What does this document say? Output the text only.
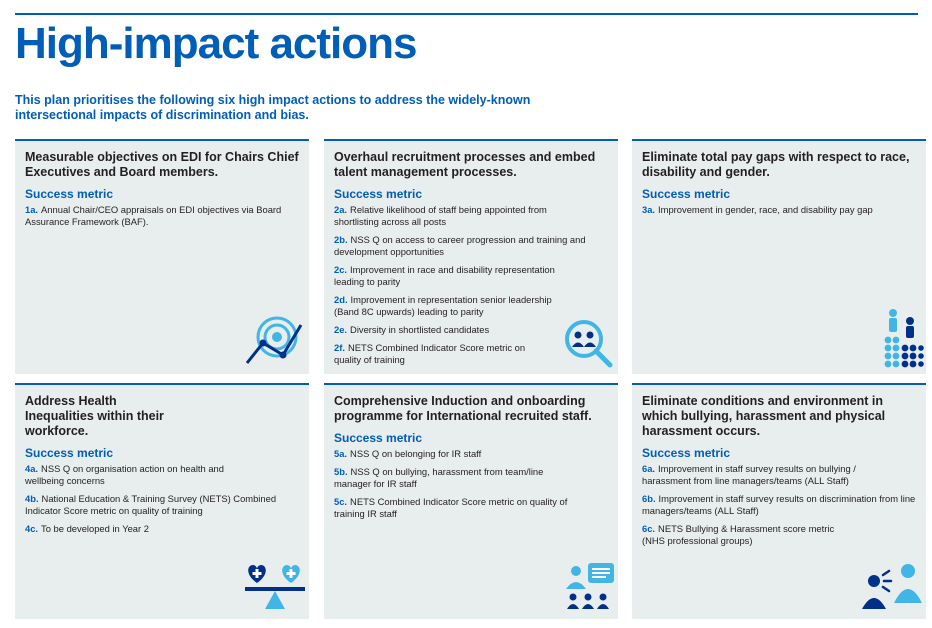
High-impact actions

This plan prioritises the following six high impact actions to address the widely-known intersectional impacts of discrimination and bias.

Measurable objectives on EDI for Chairs Chief Executives and Board members.

Success metric

1a. Annual Chair/CEO appraisals on EDI objectives via Board Assurance Framework (BAF).

Overhaul recruitment processes and embed talent management processes.

Success metric

2a. Relative likelihood of staff being appointed from shortlisting across all posts

2b. NSS Q on access to career progression and training and development opportunities

2c. Improvement in race and disability representation leading to parity

2d. Improvement in representation senior leadership (Band 8C upwards) leading to parity

2e. Diversity in shortlisted candidates

2f. NETS Combined Indicator Score metric on quality of training

Eliminate total pay gaps with respect to race, disability and gender.

Success metric

3a. Improvement in gender, race, and disability pay gap

Address Health Inequalities within their workforce.

Success metric

4a. NSS Q on organisation action on health and wellbeing concerns

4b. National Education & Training Survey (NETS) Combined Indicator Score metric on quality of training

4c. To be developed in Year 2

Comprehensive Induction and onboarding programme for International recruited staff.

Success metric

5a. NSS Q on belonging for IR staff

5b. NSS Q on bullying, harassment from team/line manager for IR staff

5c. NETS Combined Indicator Score metric on quality of training IR staff

Eliminate conditions and environment in which bullying, harassment and physical harassment occurs.

Success metric

6a. Improvement in staff survey results on bullying / harassment from line managers/teams (ALL Staff)

6b. Improvement in staff survey results on discrimination from line managers/teams (ALL Staff)

6c. NETS Bullying & Harassment score metric (NHS professional groups)
